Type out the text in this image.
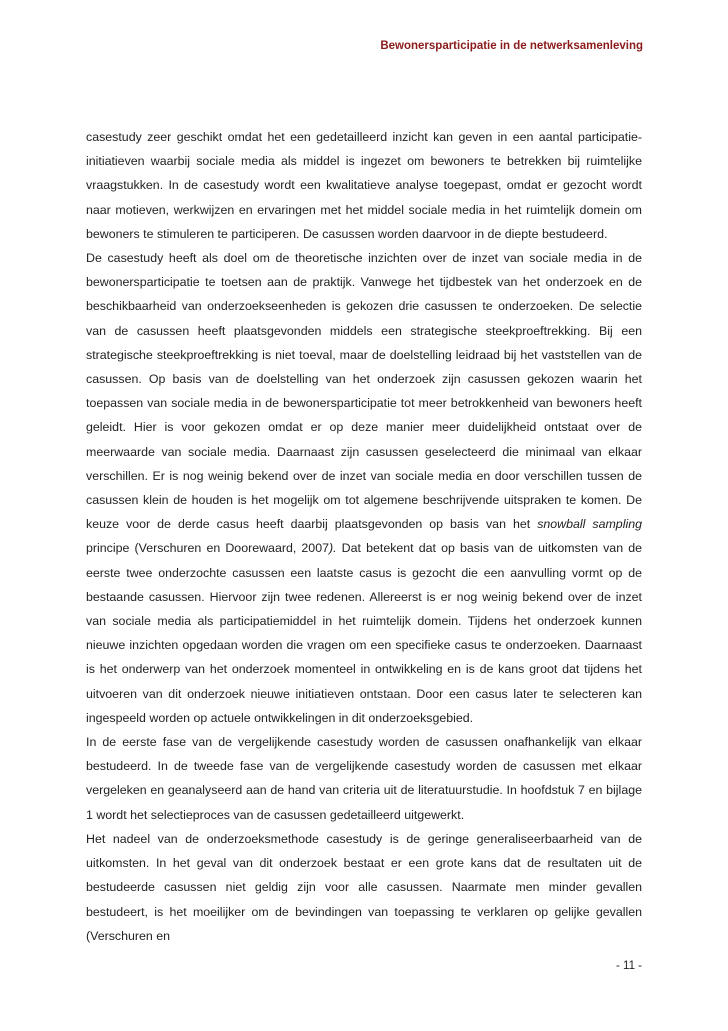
Bewonersparticipatie in de netwerksamenleving

casestudy zeer geschikt omdat het een gedetailleerd inzicht kan geven in een aantal participatie-initiatieven waarbij sociale media als middel is ingezet om bewoners te betrekken bij ruimtelijke vraagstukken. In de casestudy wordt een kwalitatieve analyse toegepast, omdat er gezocht wordt naar motieven, werkwijzen en ervaringen met het middel sociale media in het ruimtelijk domein om bewoners te stimuleren te participeren. De casussen worden daarvoor in de diepte bestudeerd.

De casestudy heeft als doel om de theoretische inzichten over de inzet van sociale media in de bewonersparticipatie te toetsen aan de praktijk. Vanwege het tijdbestek van het onderzoek en de beschikbaarheid van onderzoekseenheden is gekozen drie casussen te onderzoeken. De selectie van de casussen heeft plaatsgevonden middels een strategische steekproeftrekking. Bij een strategische steekproeftrekking is niet toeval, maar de doelstelling leidraad bij het vaststellen van de casussen. Op basis van de doelstelling van het onderzoek zijn casussen gekozen waarin het toepassen van sociale media in de bewonersparticipatie tot meer betrokkenheid van bewoners heeft geleidt. Hier is voor gekozen omdat er op deze manier meer duidelijkheid ontstaat over de meerwaarde van sociale media. Daarnaast zijn casussen geselecteerd die minimaal van elkaar verschillen. Er is nog weinig bekend over de inzet van sociale media en door verschillen tussen de casussen klein de houden is het mogelijk om tot algemene beschrijvende uitspraken te komen. De keuze voor de derde casus heeft daarbij plaatsgevonden op basis van het snowball sampling principe (Verschuren en Doorewaard, 2007). Dat betekent dat op basis van de uitkomsten van de eerste twee onderzochte casussen een laatste casus is gezocht die een aanvulling vormt op de bestaande casussen. Hiervoor zijn twee redenen. Allereerst is er nog weinig bekend over de inzet van sociale media als participatiemiddel in het ruimtelijk domein. Tijdens het onderzoek kunnen nieuwe inzichten opgedaan worden die vragen om een specifieke casus te onderzoeken. Daarnaast is het onderwerp van het onderzoek momenteel in ontwikkeling en is de kans groot dat tijdens het uitvoeren van dit onderzoek nieuwe initiatieven ontstaan. Door een casus later te selecteren kan ingespeeld worden op actuele ontwikkelingen in dit onderzoeksgebied.

In de eerste fase van de vergelijkende casestudy worden de casussen onafhankelijk van elkaar bestudeerd. In de tweede fase van de vergelijkende casestudy worden de casussen met elkaar vergeleken en geanalyseerd aan de hand van criteria uit de literatuurstudie. In hoofdstuk 7 en bijlage 1 wordt het selectieproces van de casussen gedetailleerd uitgewerkt.

Het nadeel van de onderzoeksmethode casestudy is de geringe generaliseerbaarheid van de uitkomsten. In het geval van dit onderzoek bestaat er een grote kans dat de resultaten uit de bestudeerde casussen niet geldig zijn voor alle casussen. Naarmate men minder gevallen bestudeert, is het moeilijker om de bevindingen van toepassing te verklaren op gelijke gevallen (Verschuren en

- 11 -
